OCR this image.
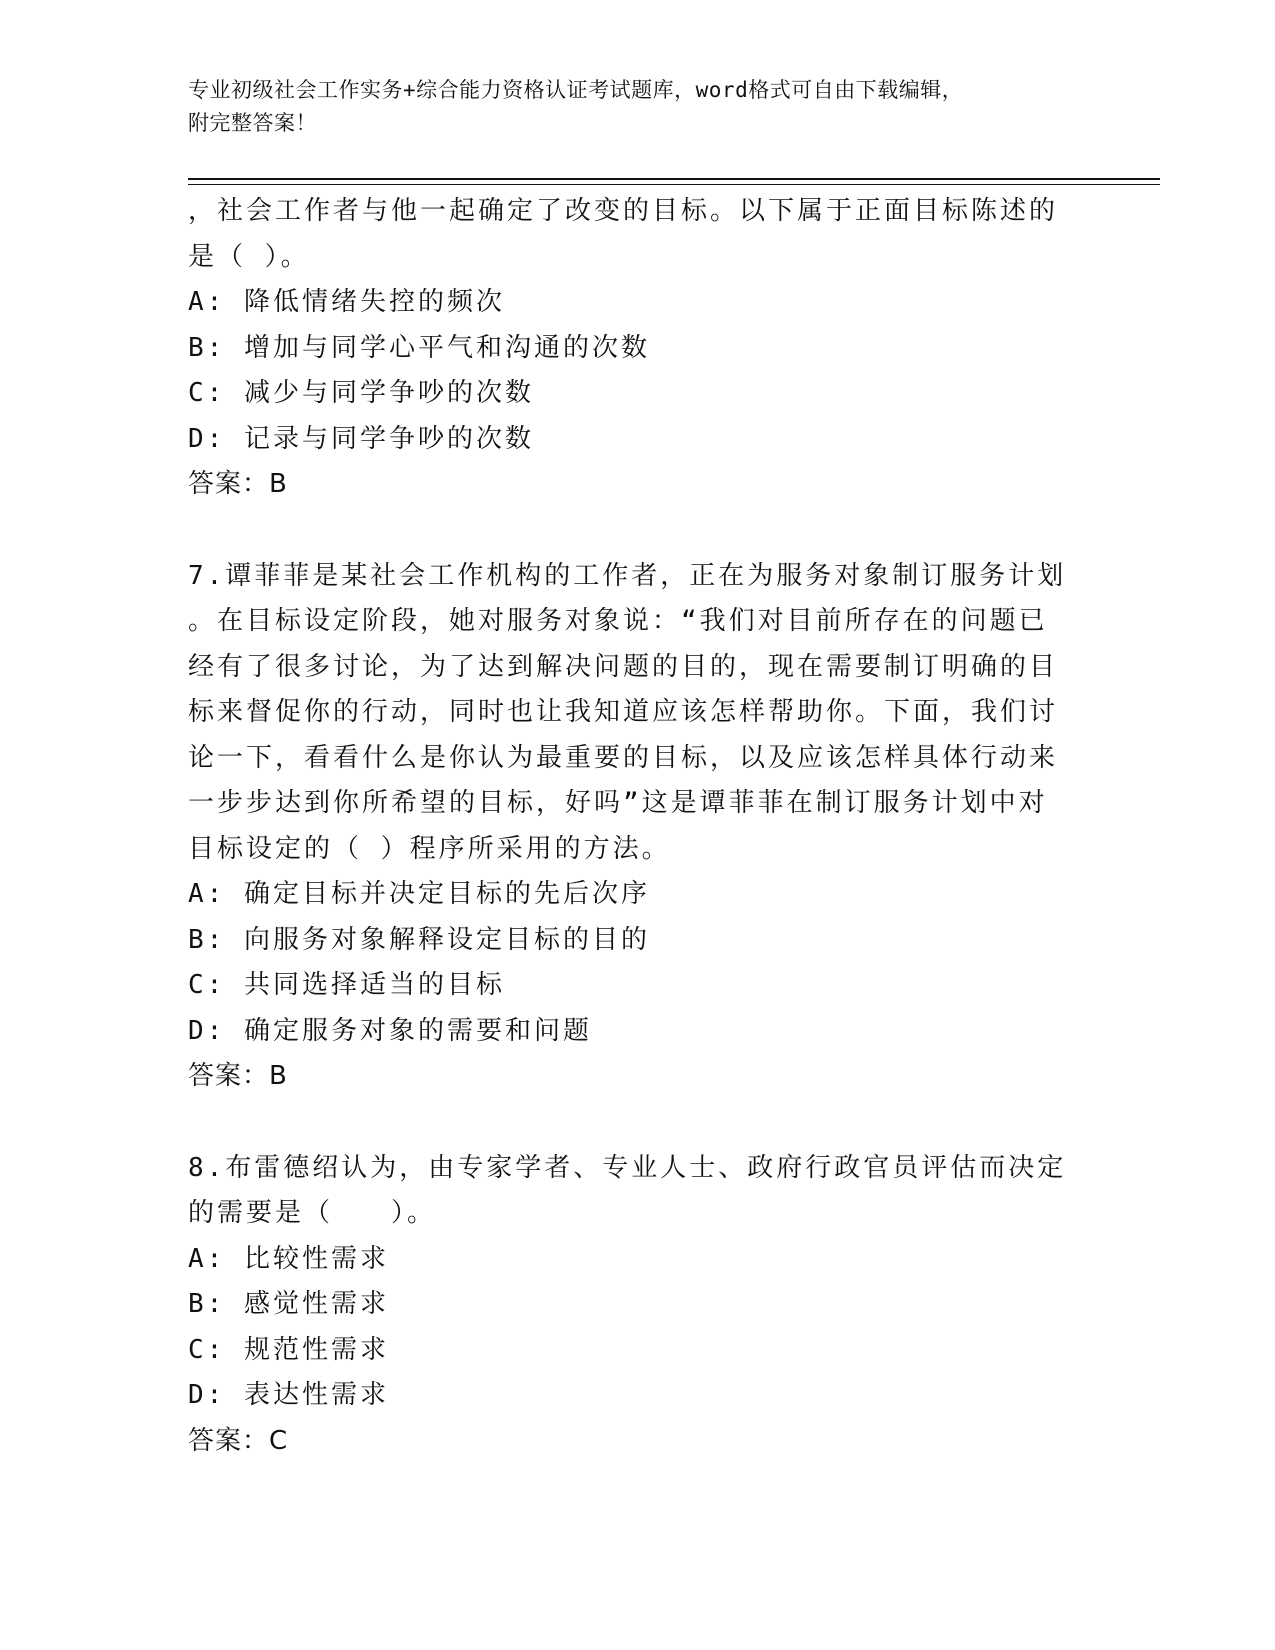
专业初级社会工作实务+综合能力资格认证考试题库，word格式可自由下载编辑，
附完整答案！
，社会工作者与他一起确定了改变的目标。以下属于正面目标陈述的
是（ ）。
A: 降低情绪失控的频次
B: 增加与同学心平气和沟通的次数
C: 减少与同学争吵的次数
D: 记录与同学争吵的次数
答案：B
7.谭菲菲是某社会工作机构的工作者，正在为服务对象制订服务计划
。在目标设定阶段，她对服务对象说：“我们对目前所存在的问题已
经有了很多讨论，为了达到解决问题的目的，现在需要制订明确的目
标来督促你的行动，同时也让我知道应该怎样帮助你。下面，我们讨
论一下，看看什么是你认为最重要的目标，以及应该怎样具体行动来
一步步达到你所希望的目标，好吗”这是谭菲菲在制订服务计划中对
目标设定的（ ）程序所采用的方法。
A: 确定目标并决定目标的先后次序
B: 向服务对象解释设定目标的目的
C: 共同选择适当的目标
D: 确定服务对象的需要和问题
答案：B
8.布雷德绍认为，由专家学者、专业人士、政府行政官员评估而决定
的需要是（　　）。
A: 比较性需求
B: 感觉性需求
C: 规范性需求
D: 表达性需求
答案：C
